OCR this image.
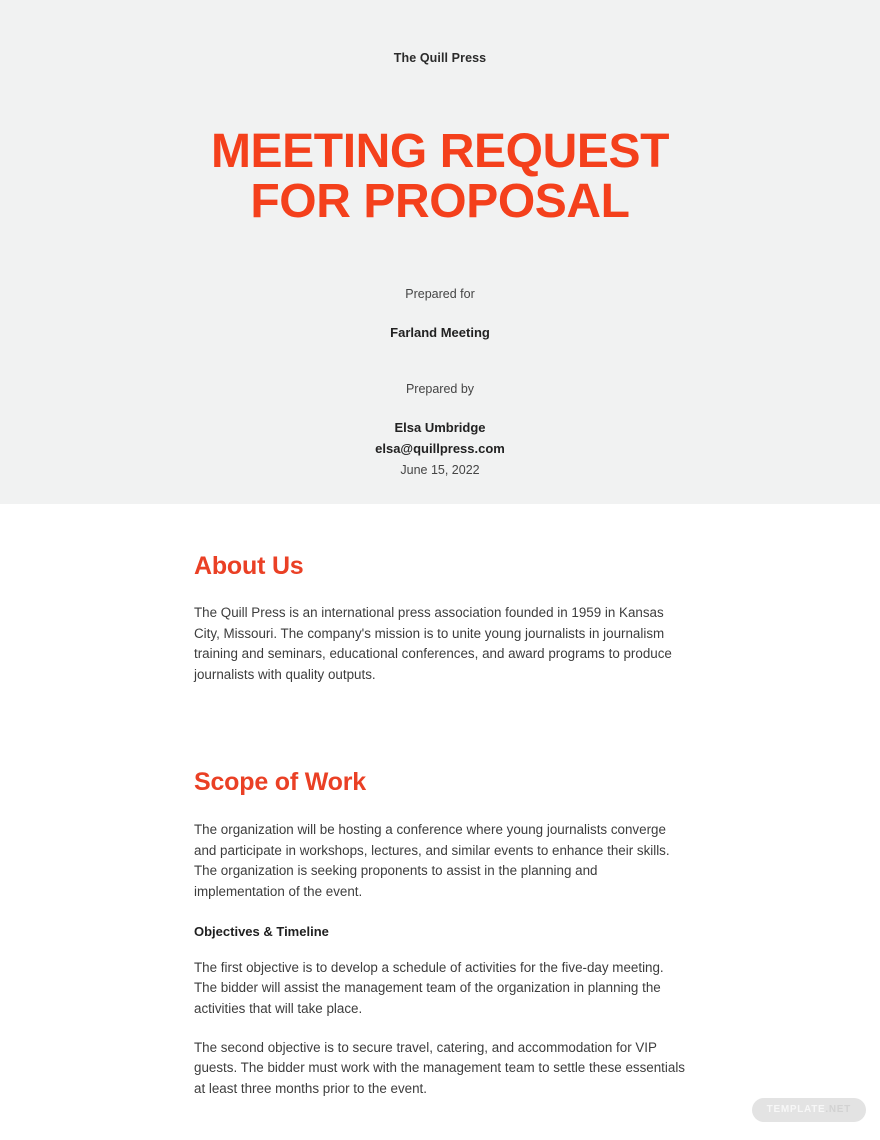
The Quill Press
MEETING REQUEST
FOR PROPOSAL
Prepared for
Farland Meeting
Prepared by
Elsa Umbridge
elsa@quillpress.com
June 15, 2022
About Us

The Quill Press is an international press association founded in 1959 in Kansas City, Missouri. The company's mission is to unite young journalists in journalism training and seminars, educational conferences, and award programs to produce journalists with quality outputs.

Scope of Work

The organization will be hosting a conference where young journalists converge and participate in workshops, lectures, and similar events to enhance their skills. The organization is seeking proponents to assist in the planning and implementation of the event.

Objectives & Timeline

The first objective is to develop a schedule of activities for the five-day meeting. The bidder will assist the management team of the organization in planning the activities that will take place.

The second objective is to secure travel, catering, and accommodation for VIP guests. The bidder must work with the management team to settle these essentials at least three months prior to the event.

TEMPLATE.NET
